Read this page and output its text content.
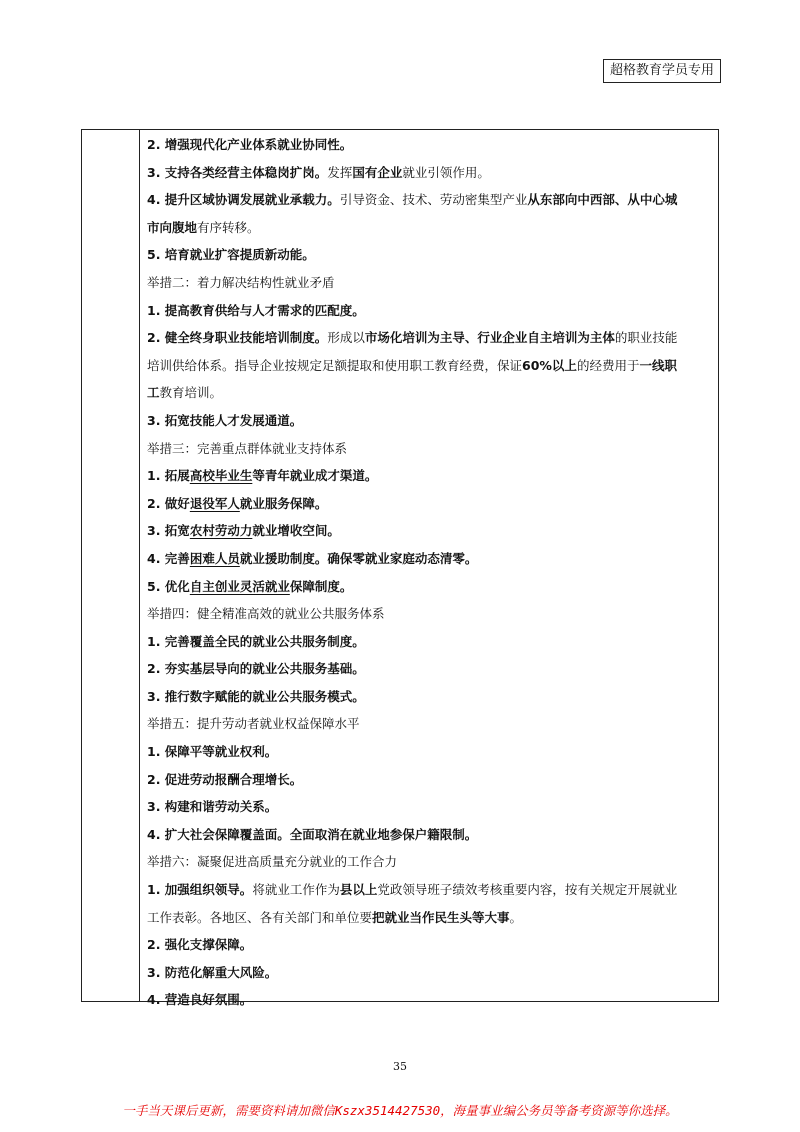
超格教育学员专用
2. 增强现代化产业体系就业协同性。
3. 支持各类经营主体稳岗扩岗。发挥国有企业就业引领作用。
4. 提升区域协调发展就业承载力。引导资金、技术、劳动密集型产业从东部向中西部、从中心城
市向腹地有序转移。
5. 培育就业扩容提质新动能。
举措二：着力解决结构性就业矛盾
1. 提高教育供给与人才需求的匹配度。
2. 健全终身职业技能培训制度。形成以市场化培训为主导、行业企业自主培训为主体的职业技能
培训供给体系。指导企业按规定足额提取和使用职工教育经费，保证60%以上的经费用于一线职
工教育培训。
3. 拓宽技能人才发展通道。
举措三：完善重点群体就业支持体系
1. 拓展高校毕业生等青年就业成才渠道。
2. 做好退役军人就业服务保障。
3. 拓宽农村劳动力就业增收空间。
4. 完善困难人员就业援助制度。确保零就业家庭动态清零。
5. 优化自主创业灵活就业保障制度。
举措四：健全精准高效的就业公共服务体系
1. 完善覆盖全民的就业公共服务制度。
2. 夯实基层导向的就业公共服务基础。
3. 推行数字赋能的就业公共服务模式。
举措五：提升劳动者就业权益保障水平
1. 保障平等就业权利。
2. 促进劳动报酬合理增长。
3. 构建和谐劳动关系。
4. 扩大社会保障覆盖面。全面取消在就业地参保户籍限制。
举措六：凝聚促进高质量充分就业的工作合力
1. 加强组织领导。将就业工作作为县以上党政领导班子绩效考核重要内容，按有关规定开展就业
工作表彰。各地区、各有关部门和单位要把就业当作民生头等大事。
2. 强化支撑保障。
3. 防范化解重大风险。
4. 营造良好氛围。
35
一手当天课后更新，需要资料请加微信Kszx3514427530，海量事业编公务员等备考资源等你选择。
